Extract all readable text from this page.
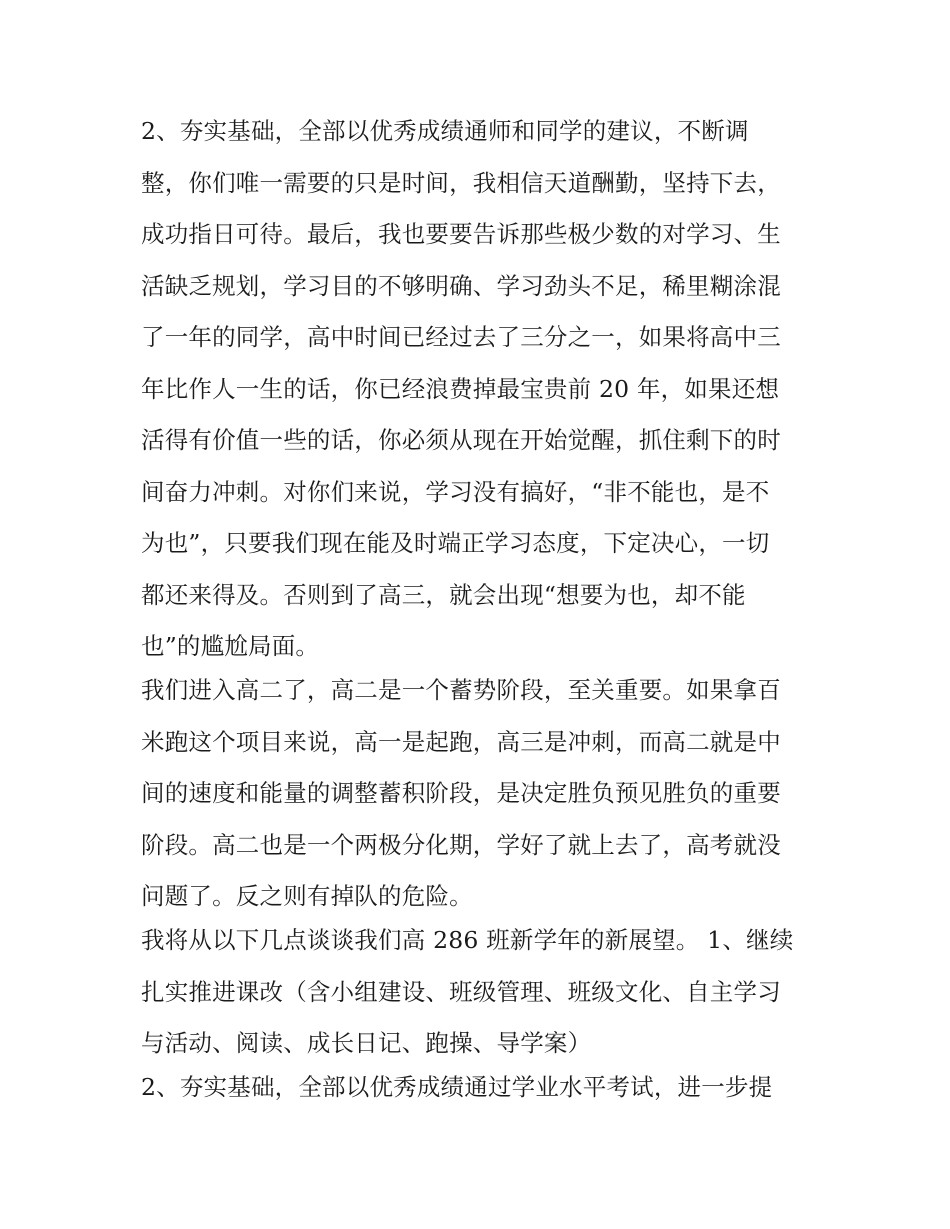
2、夯实基础，全部以优秀成绩通师和同学的建议，不断调
整，你们唯一需要的只是时间，我相信天道酬勤，坚持下去，
成功指日可待。最后，我也要要告诉那些极少数的对学习、生
活缺乏规划，学习目的不够明确、学习劲头不足，稀里糊涂混
了一年的同学，高中时间已经过去了三分之一，如果将高中三
年比作人一生的话，你已经浪费掉最宝贵前 20 年，如果还想
活得有价值一些的话，你必须从现在开始觉醒，抓住剩下的时
间奋力冲刺。对你们来说，学习没有搞好，“非不能也，是不
为也”，只要我们现在能及时端正学习态度，下定决心，一切
都还来得及。否则到了高三，就会出现“想要为也，却不能
也”的尴尬局面。
我们进入高二了，高二是一个蓄势阶段，至关重要。如果拿百
米跑这个项目来说，高一是起跑，高三是冲刺，而高二就是中
间的速度和能量的调整蓄积阶段，是决定胜负预见胜负的重要
阶段。高二也是一个两极分化期，学好了就上去了，高考就没
问题了。反之则有掉队的危险。
我将从以下几点谈谈我们高 286 班新学年的新展望。 1、继续
扎实推进课改（含小组建设、班级管理、班级文化、自主学习
与活动、阅读、成长日记、跑操、导学案）
2、夯实基础，全部以优秀成绩通过学业水平考试，进一步提
